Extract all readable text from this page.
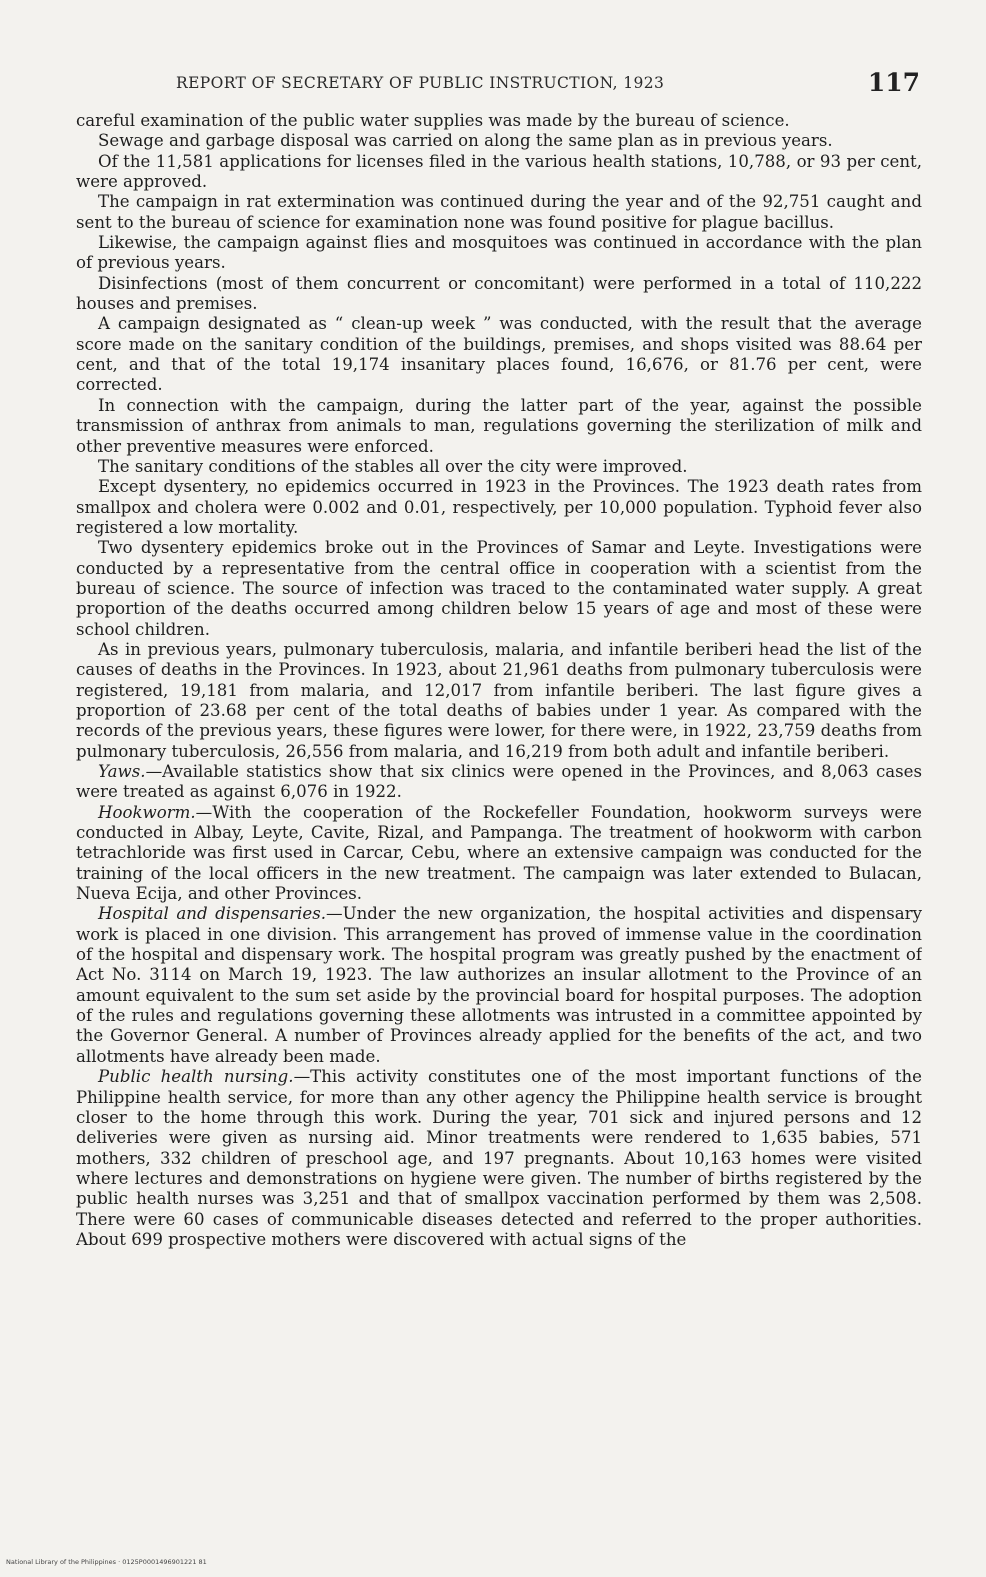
REPORT OF SECRETARY OF PUBLIC INSTRUCTION, 1923	117

careful examination of the public water supplies was made by the bureau of science.

Sewage and garbage disposal was carried on along the same plan as in previous years.

Of the 11,581 applications for licenses filed in the various health stations, 10,788, or 93 per cent, were approved.

The campaign in rat extermination was continued during the year and of the 92,751 caught and sent to the bureau of science for examination none was found positive for plague bacillus.

Likewise, the campaign against flies and mosquitoes was continued in accordance with the plan of previous years.

Disinfections (most of them concurrent or concomitant) were performed in a total of 110,222 houses and premises.

A campaign designated as “ clean-up week ” was conducted, with the result that the average score made on the sanitary condition of the buildings, premises, and shops visited was 88.64 per cent, and that of the total 19,174 insanitary places found, 16,676, or 81.76 per cent, were corrected.

In connection with the campaign, during the latter part of the year, against the possible transmission of anthrax from animals to man, regulations governing the sterilization of milk and other preventive measures were enforced.

The sanitary conditions of the stables all over the city were improved.

Except dysentery, no epidemics occurred in 1923 in the Provinces. The 1923 death rates from smallpox and cholera were 0.002 and 0.01, respectively, per 10,000 population. Typhoid fever also registered a low mortality.

Two dysentery epidemics broke out in the Provinces of Samar and Leyte. Investigations were conducted by a representative from the central office in cooperation with a scientist from the bureau of science. The source of infection was traced to the contaminated water supply. A great proportion of the deaths occurred among children below 15 years of age and most of these were school children.

As in previous years, pulmonary tuberculosis, malaria, and infantile beriberi head the list of the causes of deaths in the Provinces. In 1923, about 21,961 deaths from pulmonary tuberculosis were registered, 19,181 from malaria, and 12,017 from infantile beriberi. The last figure gives a proportion of 23.68 per cent of the total deaths of babies under 1 year. As compared with the records of the previous years, these figures were lower, for there were, in 1922, 23,759 deaths from pulmonary tuberculosis, 26,556 from malaria, and 16,219 from both adult and infantile beriberi.

Yaws.—Available statistics show that six clinics were opened in the Provinces, and 8,063 cases were treated as against 6,076 in 1922.

Hookworm.—With the cooperation of the Rockefeller Foundation, hookworm surveys were conducted in Albay, Leyte, Cavite, Rizal, and Pampanga. The treatment of hookworm with carbon tetrachloride was first used in Carcar, Cebu, where an extensive campaign was conducted for the training of the local officers in the new treatment. The campaign was later extended to Bulacan, Nueva Ecija, and other Provinces.

Hospital and dispensaries.—Under the new organization, the hospital activities and dispensary work is placed in one division. This arrangement has proved of immense value in the coordination of the hospital and dispensary work. The hospital program was greatly pushed by the enactment of Act No. 3114 on March 19, 1923. The law authorizes an insular allotment to the Province of an amount equivalent to the sum set aside by the provincial board for hospital purposes. The adoption of the rules and regulations governing these allotments was intrusted in a committee appointed by the Governor General. A number of Provinces already applied for the benefits of the act, and two allotments have already been made.

Public health nursing.—This activity constitutes one of the most important functions of the Philippine health service, for more than any other agency the Philippine health service is brought closer to the home through this work. During the year, 701 sick and injured persons and 12 deliveries were given as nursing aid. Minor treatments were rendered to 1,635 babies, 571 mothers, 332 children of preschool age, and 197 pregnants. About 10,163 homes were visited where lectures and demonstrations on hygiene were given. The number of births registered by the public health nurses was 3,251 and that of smallpox vaccination performed by them was 2,508. There were 60 cases of communicable diseases detected and referred to the proper authorities. About 699 prospective mothers were discovered with actual signs of the

National Library of the Philippines · 0125P0001496901221 81
